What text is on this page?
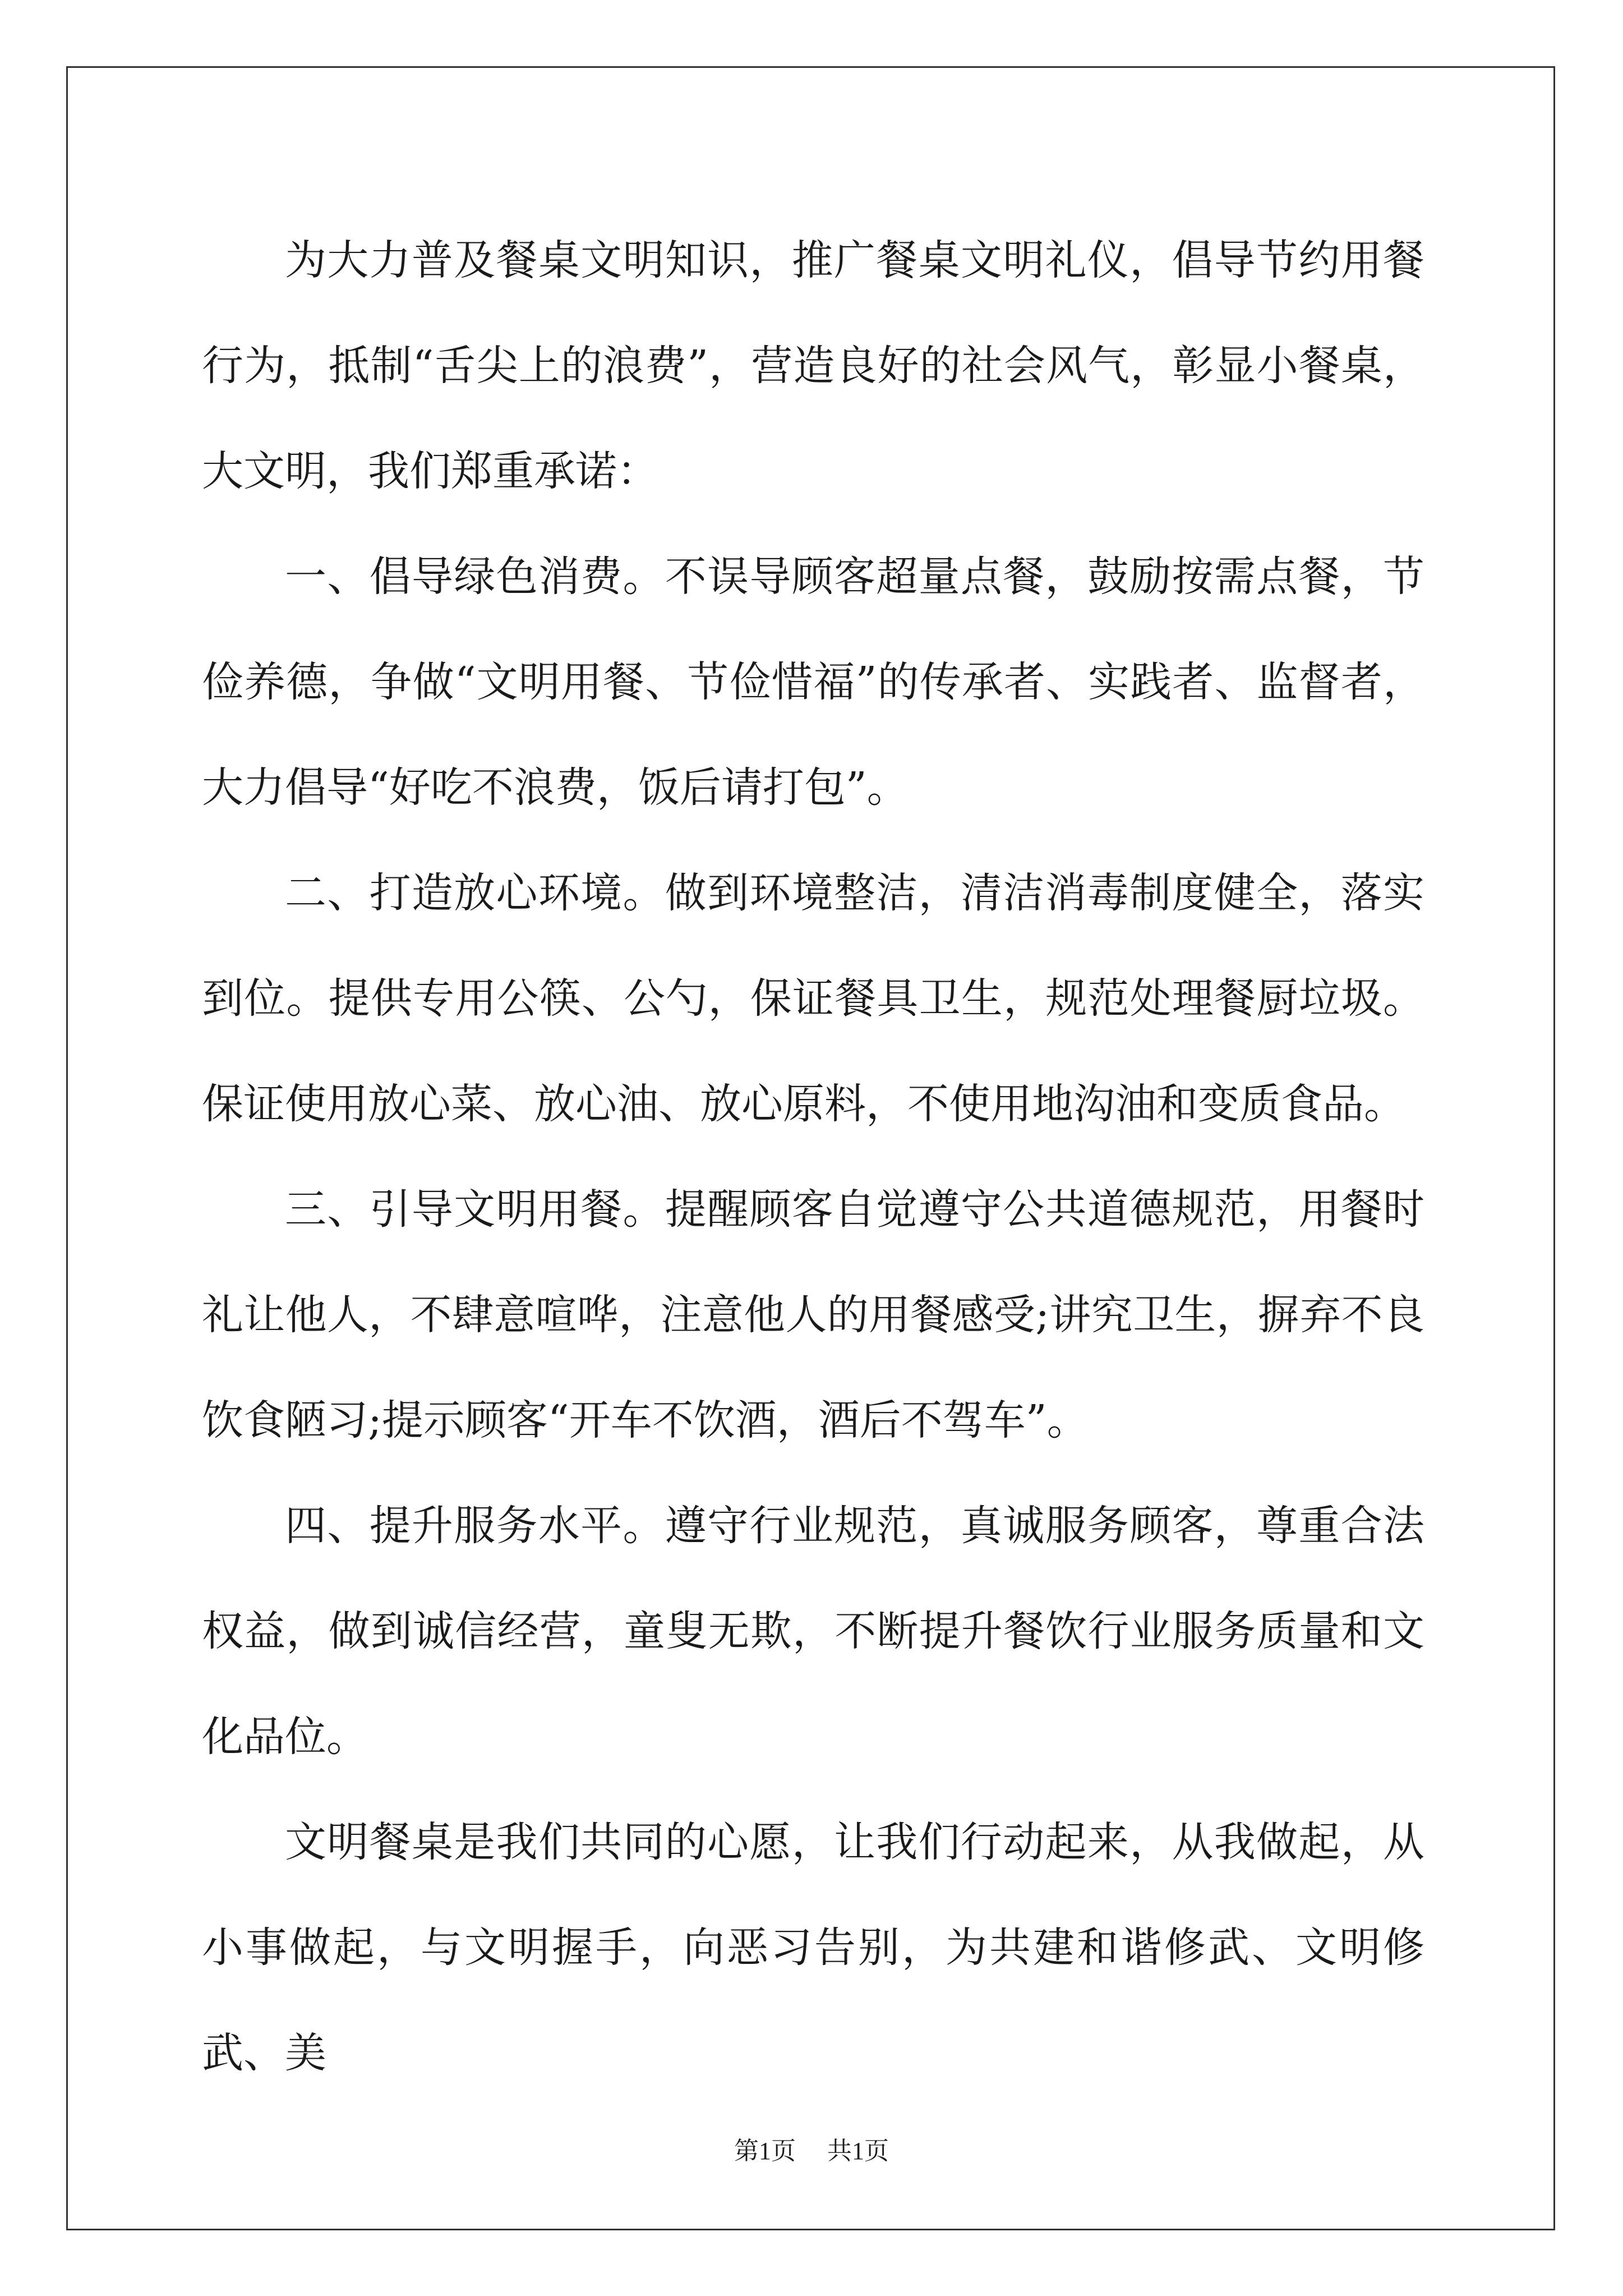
为大力普及餐桌文明知识，推广餐桌文明礼仪，倡导节约用餐行为，抵制“舌尖上的浪费”，营造良好的社会风气，彰显小餐桌，大文明，我们郑重承诺：

一、倡导绿色消费。不误导顾客超量点餐，鼓励按需点餐，节俭养德，争做“文明用餐、节俭惜福”的传承者、实践者、监督者，大力倡导“好吃不浪费，饭后请打包”。

二、打造放心环境。做到环境整洁，清洁消毒制度健全，落实到位。提供专用公筷、公勺，保证餐具卫生，规范处理餐厨垃圾。保证使用放心菜、放心油、放心原料，不使用地沟油和变质食品。

三、引导文明用餐。提醒顾客自觉遵守公共道德规范，用餐时礼让他人，不肆意喧哗，注意他人的用餐感受;讲究卫生，摒弃不良饮食陋习;提示顾客“开车不饮酒，酒后不驾车”。

四、提升服务水平。遵守行业规范，真诚服务顾客，尊重合法权益，做到诚信经营，童叟无欺，不断提升餐饮行业服务质量和文化品位。

文明餐桌是我们共同的心愿，让我们行动起来，从我做起，从小事做起，与文明握手，向恶习告别，为共建和谐修武、文明修武、美

第1页 共1页
